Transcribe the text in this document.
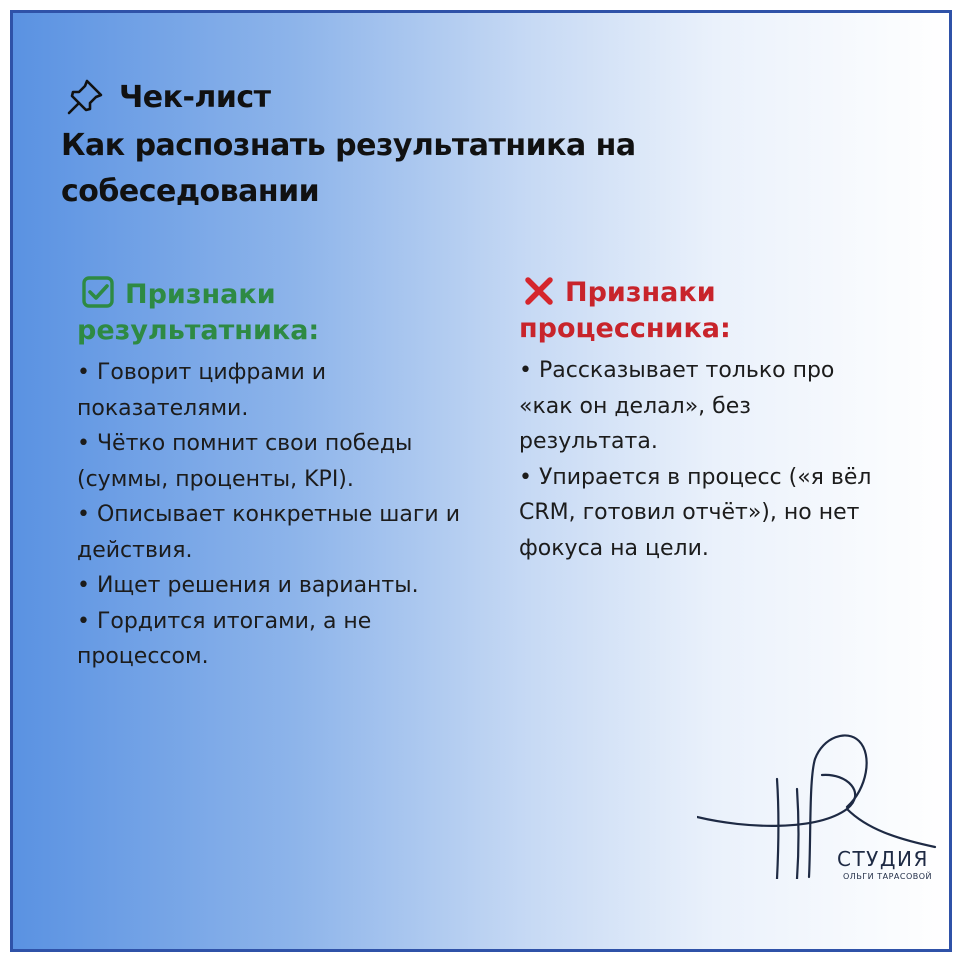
Чек-лист
Как распознать результатника на собеседовании
Признаки результатника:
• Говорит цифрами и показателями.
• Чётко помнит свои победы (суммы, проценты, KPI).
• Описывает конкретные шаги и действия.
• Ищет решения и варианты.
• Гордится итогами, а не процессом.
Признаки процессника:
• Рассказывает только про «как он делал», без результата.
• Упирается в процесс («я вёл CRM, готовил отчёт»), но нет фокуса на цели.
СТУДИЯ
ОЛЬГИ ТАРАСОВОЙ
